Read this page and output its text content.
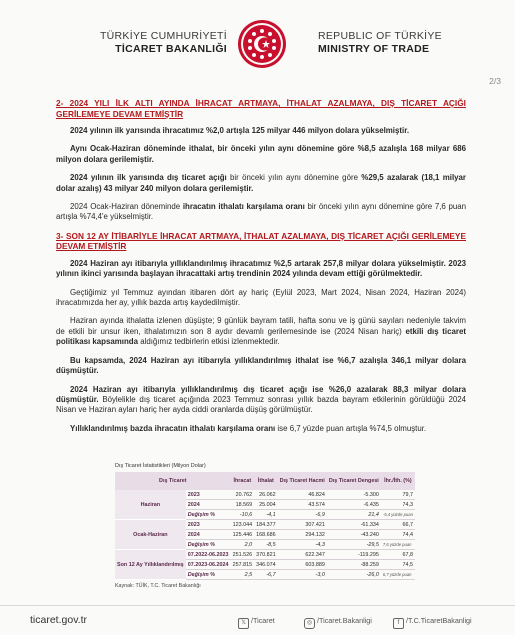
TÜRKİYE CUMHURİYETİ
TİCARET BAKANLIĞI
REPUBLIC OF TÜRKİYE
MINISTRY OF TRADE
2/3
2- 2024 YILI İLK ALTI AYINDA İHRACAT ARTMAYA, İTHALAT AZALMAYA, DIŞ TİCARET AÇIĞI GERİLEMEYE DEVAM ETMİŞTİR

2024 yılının ilk yarısında ihracatımız %2,0 artışla 125 milyar 446 milyon dolara yükselmiştir.

Aynı Ocak-Haziran döneminde ithalat, bir önceki yılın aynı dönemine göre %8,5 azalışla 168 milyar 686 milyon dolara gerilemiştir.

2024 yılının ilk yarısında dış ticaret açığı bir önceki yılın aynı dönemine göre %29,5 azalarak (18,1 milyar dolar azalış) 43 milyar 240 milyon dolara gerilemiştir.

2024 Ocak-Haziran döneminde ihracatın ithalatı karşılama oranı bir önceki yılın aynı dönemine göre 7,6 puan artışla %74,4'e yükselmiştir.

3- SON 12 AY İTİBARİYLE İHRACAT ARTMAYA, İTHALAT AZALMAYA, DIŞ TİCARET AÇIĞI GERİLEMEYE DEVAM ETMİŞTİR

2024 Haziran ayı itibarıyla yıllıklandırılmış ihracatımız %2,5 artarak 257,8 milyar dolara yükselmiştir. 2023 yılının ikinci yarısında başlayan ihracattaki artış trendinin 2024 yılında devam ettiği görülmektedir.

Geçtiğimiz yıl Temmuz ayından itibaren dört ay hariç (Eylül 2023, Mart 2024, Nisan 2024, Haziran 2024) ihracatımızda her ay, yıllık bazda artış kaydedilmiştir.

Haziran ayında ithalatta izlenen düşüşte; 9 günlük bayram tatili, hafta sonu ve iş günü sayıları nedeniyle takvim de etkili bir unsur iken, ithalatımızın son 8 aydır devamlı gerilemesinde ise (2024 Nisan hariç) etkili dış ticaret politikası kapsamında aldığımız tedbirlerin etkisi izlenmektedir.

Bu kapsamda, 2024 Haziran ayı itibarıyla yıllıklandırılmış ithalat ise %6,7 azalışla 346,1 milyar dolara düşmüştür.

2024 Haziran ayı itibarıyla yıllıklandırılmış dış ticaret açığı ise %26,0 azalarak 88,3 milyar dolara düşmüştür. Böylelikle dış ticaret açığında 2023 Temmuz sonrası yıllık bazda bayram etkilerinin görüldüğü 2024 Nisan ve Haziran ayları hariç her ayda ciddi oranlarda düşüş görülmüştür.

Yıllıklandırılmış bazda ihracatın ithalatı karşılama oranı ise 6,7 yüzde puan artışla %74,5 olmuştur.

Dış Ticaret İstatistikleri (Milyon Dolar)
Dış Ticaret		İhracat	İthalat	Dış Ticaret Hacmi	Dış Ticaret Dengesi	İhr./İth. (%)
Haziran	2023	20.762	26.062	46.824	-5.300	79,7
	2024	18.569	25.004	43.574	-6.435	74,3
	Değişim %	-10,6	-4,1	-6,9	21,4	-5,4 yüzde puan
Ocak-Haziran	2023	123.044	184.377	307.421	-61.334	66,7
	2024	125.446	168.686	294.132	-43.240	74,4
	Değişim %	2,0	-8,5	-4,3	-29,5	7,6 yüzde puan
Son 12 Ay Yıllıklandırılmış	07.2022-06.2023	251.526	370.821	622.347	-119.295	67,8
	07.2023-06.2024	257.815	346.074	603.889	-88.259	74,5
	Değişim %	2,5	-6,7	-3,0	-26,0	6,7 yüzde puan
Kaynak: TÜİK, T.C. Ticaret Bakanlığı
ticaret.gov.tr	𝕏 /Ticaret	◎ /Ticaret.Bakanligi	f /T.C.TicaretBakanligi
